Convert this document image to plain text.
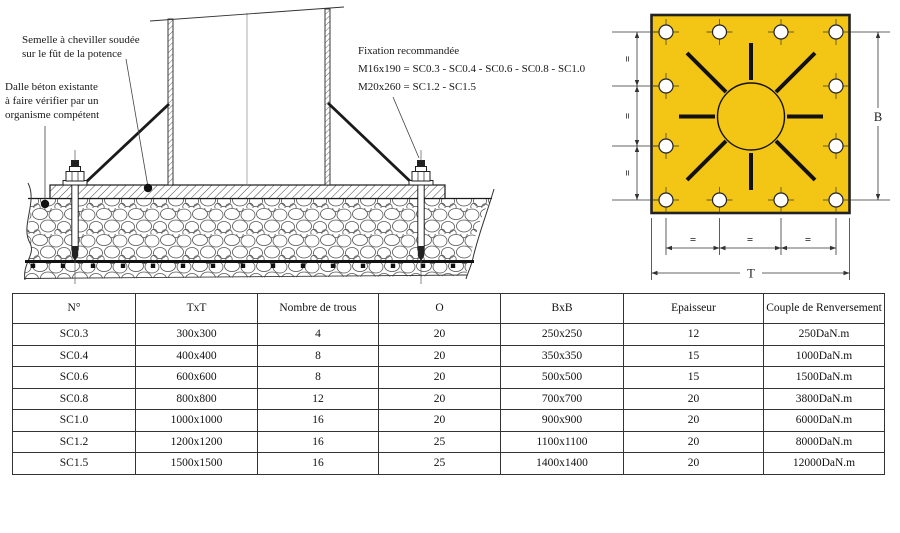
Semelle à cheviller soudée
sur le fût de la potence
Dalle béton existante
à faire vérifier par un
organisme compétent
Fixation recommandée
M16x190 = SC0.3 - SC0.4 - SC0.6 - SC0.8 - SC1.0
M20x260 = SC1.2 - SC1.5
=
=
=
B
=	=	=
T
N°	TxT	Nombre de trous	O	BxB	Epaisseur	Couple de Renversement
SC0.3	300x300	4	20	250x250	12	250DaN.m
SC0.4	400x400	8	20	350x350	15	1000DaN.m
SC0.6	600x600	8	20	500x500	15	1500DaN.m
SC0.8	800x800	12	20	700x700	20	3800DaN.m
SC1.0	1000x1000	16	20	900x900	20	6000DaN.m
SC1.2	1200x1200	16	25	1100x1100	20	8000DaN.m
SC1.5	1500x1500	16	25	1400x1400	20	12000DaN.m
